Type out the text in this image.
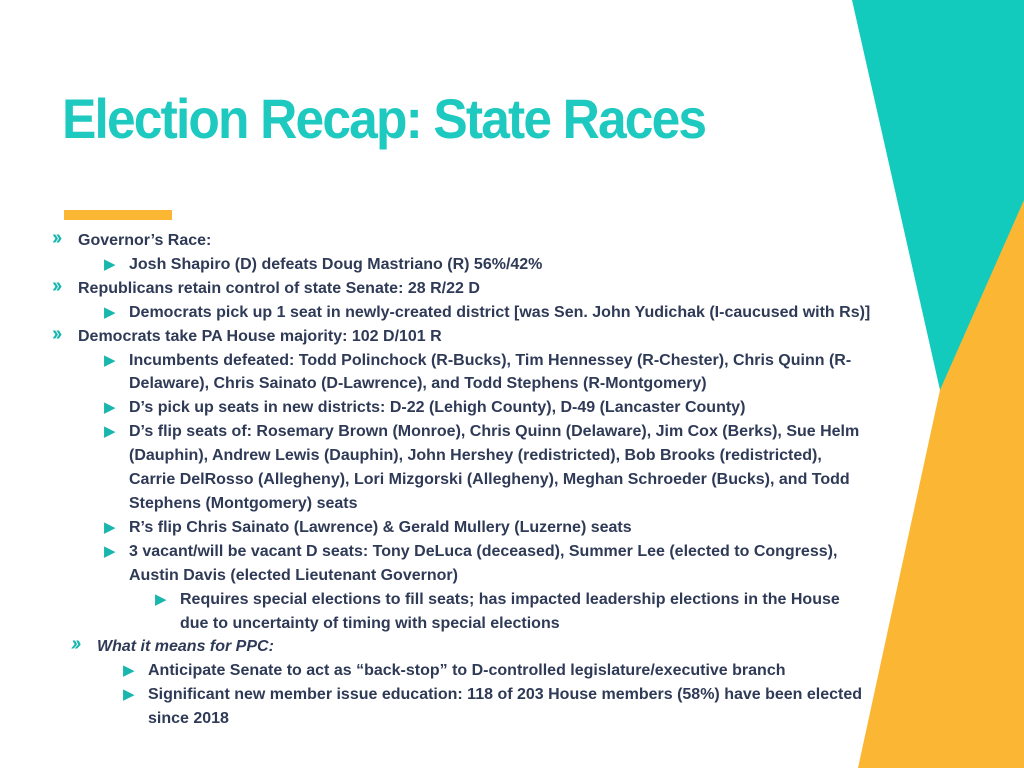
Election Recap: State Races
›› Governor’s Race:
▶ Josh Shapiro (D) defeats Doug Mastriano (R) 56%/42%
›› Republicans retain control of state Senate: 28 R/22 D
▶ Democrats pick up 1 seat in newly-created district [was Sen. John Yudichak (I-caucused with Rs)]
›› Democrats take PA House majority: 102 D/101 R
▶ Incumbents defeated: Todd Polinchock (R-Bucks), Tim Hennessey (R-Chester), Chris Quinn (R-Delaware), Chris Sainato (D-Lawrence), and Todd Stephens (R-Montgomery)
▶ D’s pick up seats in new districts: D-22 (Lehigh County), D-49 (Lancaster County)
▶ D’s flip seats of: Rosemary Brown (Monroe), Chris Quinn (Delaware), Jim Cox (Berks), Sue Helm (Dauphin), Andrew Lewis (Dauphin), John Hershey (redistricted), Bob Brooks (redistricted), Carrie DelRosso (Allegheny), Lori Mizgorski (Allegheny), Meghan Schroeder (Bucks), and Todd Stephens (Montgomery) seats
▶ R’s flip Chris Sainato (Lawrence) & Gerald Mullery (Luzerne) seats
▶ 3 vacant/will be vacant D seats: Tony DeLuca (deceased), Summer Lee (elected to Congress), Austin Davis (elected Lieutenant Governor)
▶ Requires special elections to fill seats; has impacted leadership elections in the House due to uncertainty of timing with special elections
›› What it means for PPC:
▶ Anticipate Senate to act as “back-stop” to D-controlled legislature/executive branch
▶ Significant new member issue education: 118 of 203 House members (58%) have been elected since 2018
